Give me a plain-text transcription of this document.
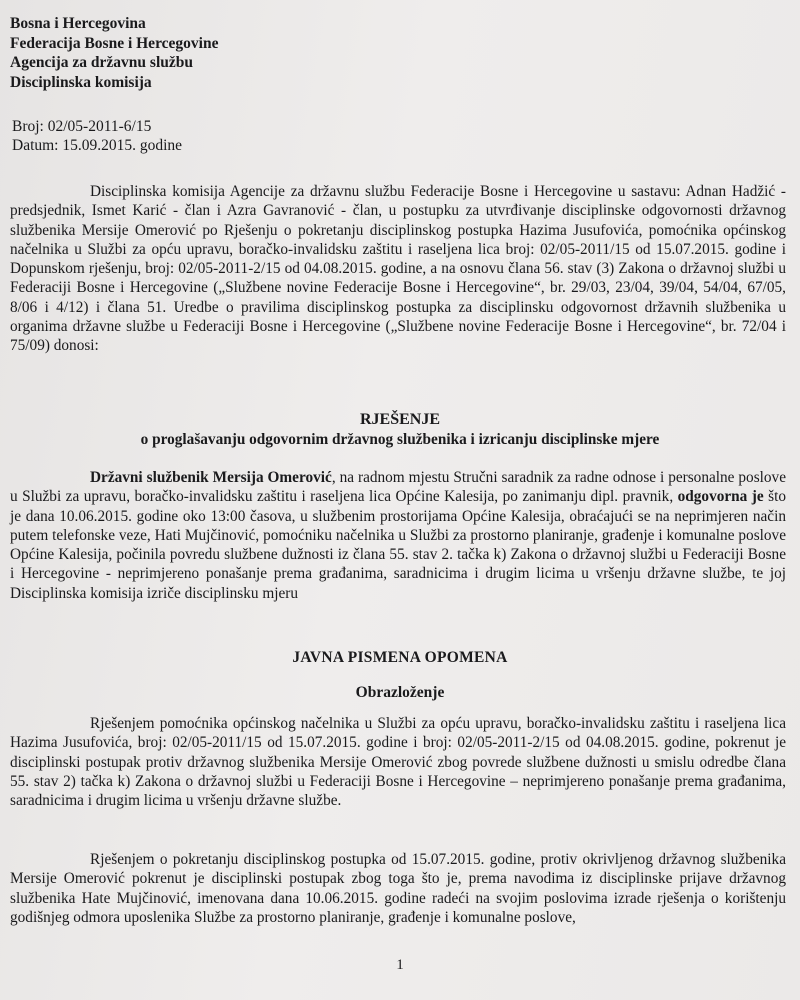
Bosna i Hercegovina
Federacija Bosne i Hercegovine
Agencija za državnu službu
Disciplinska komisija
Broj: 02/05-2011-6/15
Datum: 15.09.2015. godine

Disciplinska komisija Agencije za državnu službu Federacije Bosne i Hercegovine u sastavu: Adnan Hadžić - predsjednik, Ismet Karić - član i Azra Gavranović - član, u postupku za utvrđivanje disciplinske odgovornosti državnog službenika Mersije Omerović po Rješenju o pokretanju disciplinskog postupka Hazima Jusufovića, pomoćnika općinskog načelnika u Službi za opću upravu, boračko-invalidsku zaštitu i raseljena lica broj: 02/05-2011/15 od 15.07.2015. godine i Dopunskom rješenju, broj: 02/05-2011-2/15 od 04.08.2015. godine, a na osnovu člana 56. stav (3) Zakona o državnoj službi u Federaciji Bosne i Hercegovine („Službene novine Federacije Bosne i Hercegovine“, br. 29/03, 23/04, 39/04, 54/04, 67/05, 8/06 i 4/12) i člana 51. Uredbe o pravilima disciplinskog postupka za disciplinsku odgovornost državnih službenika u organima državne službe u Federaciji Bosne i Hercegovine („Službene novine Federacije Bosne i Hercegovine“, br. 72/04 i 75/09) donosi:

RJEŠENJE
o proglašavanju odgovornim državnog službenika i izricanju disciplinske mjere

Državni službenik Mersija Omerović, na radnom mjestu Stručni saradnik za radne odnose i personalne poslove u Službi za upravu, boračko-invalidsku zaštitu i raseljena lica Općine Kalesija, po zanimanju dipl. pravnik, odgovorna je što je dana 10.06.2015. godine oko 13:00 časova, u službenim prostorijama Općine Kalesija, obraćajući se na neprimjeren način putem telefonske veze, Hati Mujčinović, pomoćniku načelnika u Službi za prostorno planiranje, građenje i komunalne poslove Općine Kalesija, počinila povredu službene dužnosti iz člana 55. stav 2. tačka k) Zakona o državnoj službi u Federaciji Bosne i Hercegovine - neprimjereno ponašanje prema građanima, saradnicima i drugim licima u vršenju državne službe, te joj Disciplinska komisija izriče disciplinsku mjeru

JAVNA PISMENA OPOMENA
Obrazloženje

Rješenjem pomoćnika općinskog načelnika u Službi za opću upravu, boračko-invalidsku zaštitu i raseljena lica Hazima Jusufovića, broj: 02/05-2011/15 od 15.07.2015. godine i broj: 02/05-2011-2/15 od 04.08.2015. godine, pokrenut je disciplinski postupak protiv državnog službenika Mersije Omerović zbog povrede službene dužnosti u smislu odredbe člana 55. stav 2) tačka k) Zakona o državnoj službi u Federaciji Bosne i Hercegovine – neprimjereno ponašanje prema građanima, saradnicima i drugim licima u vršenju državne službe.

Rješenjem o pokretanju disciplinskog postupka od 15.07.2015. godine, protiv okrivljenog državnog službenika Mersije Omerović pokrenut je disciplinski postupak zbog toga što je, prema navodima iz disciplinske prijave državnog službenika Hate Mujčinović, imenovana dana 10.06.2015. godine radeći na svojim poslovima izrade rješenja o korištenju godišnjeg odmora uposlenika Službe za prostorno planiranje, građenje i komunalne poslove,

1
